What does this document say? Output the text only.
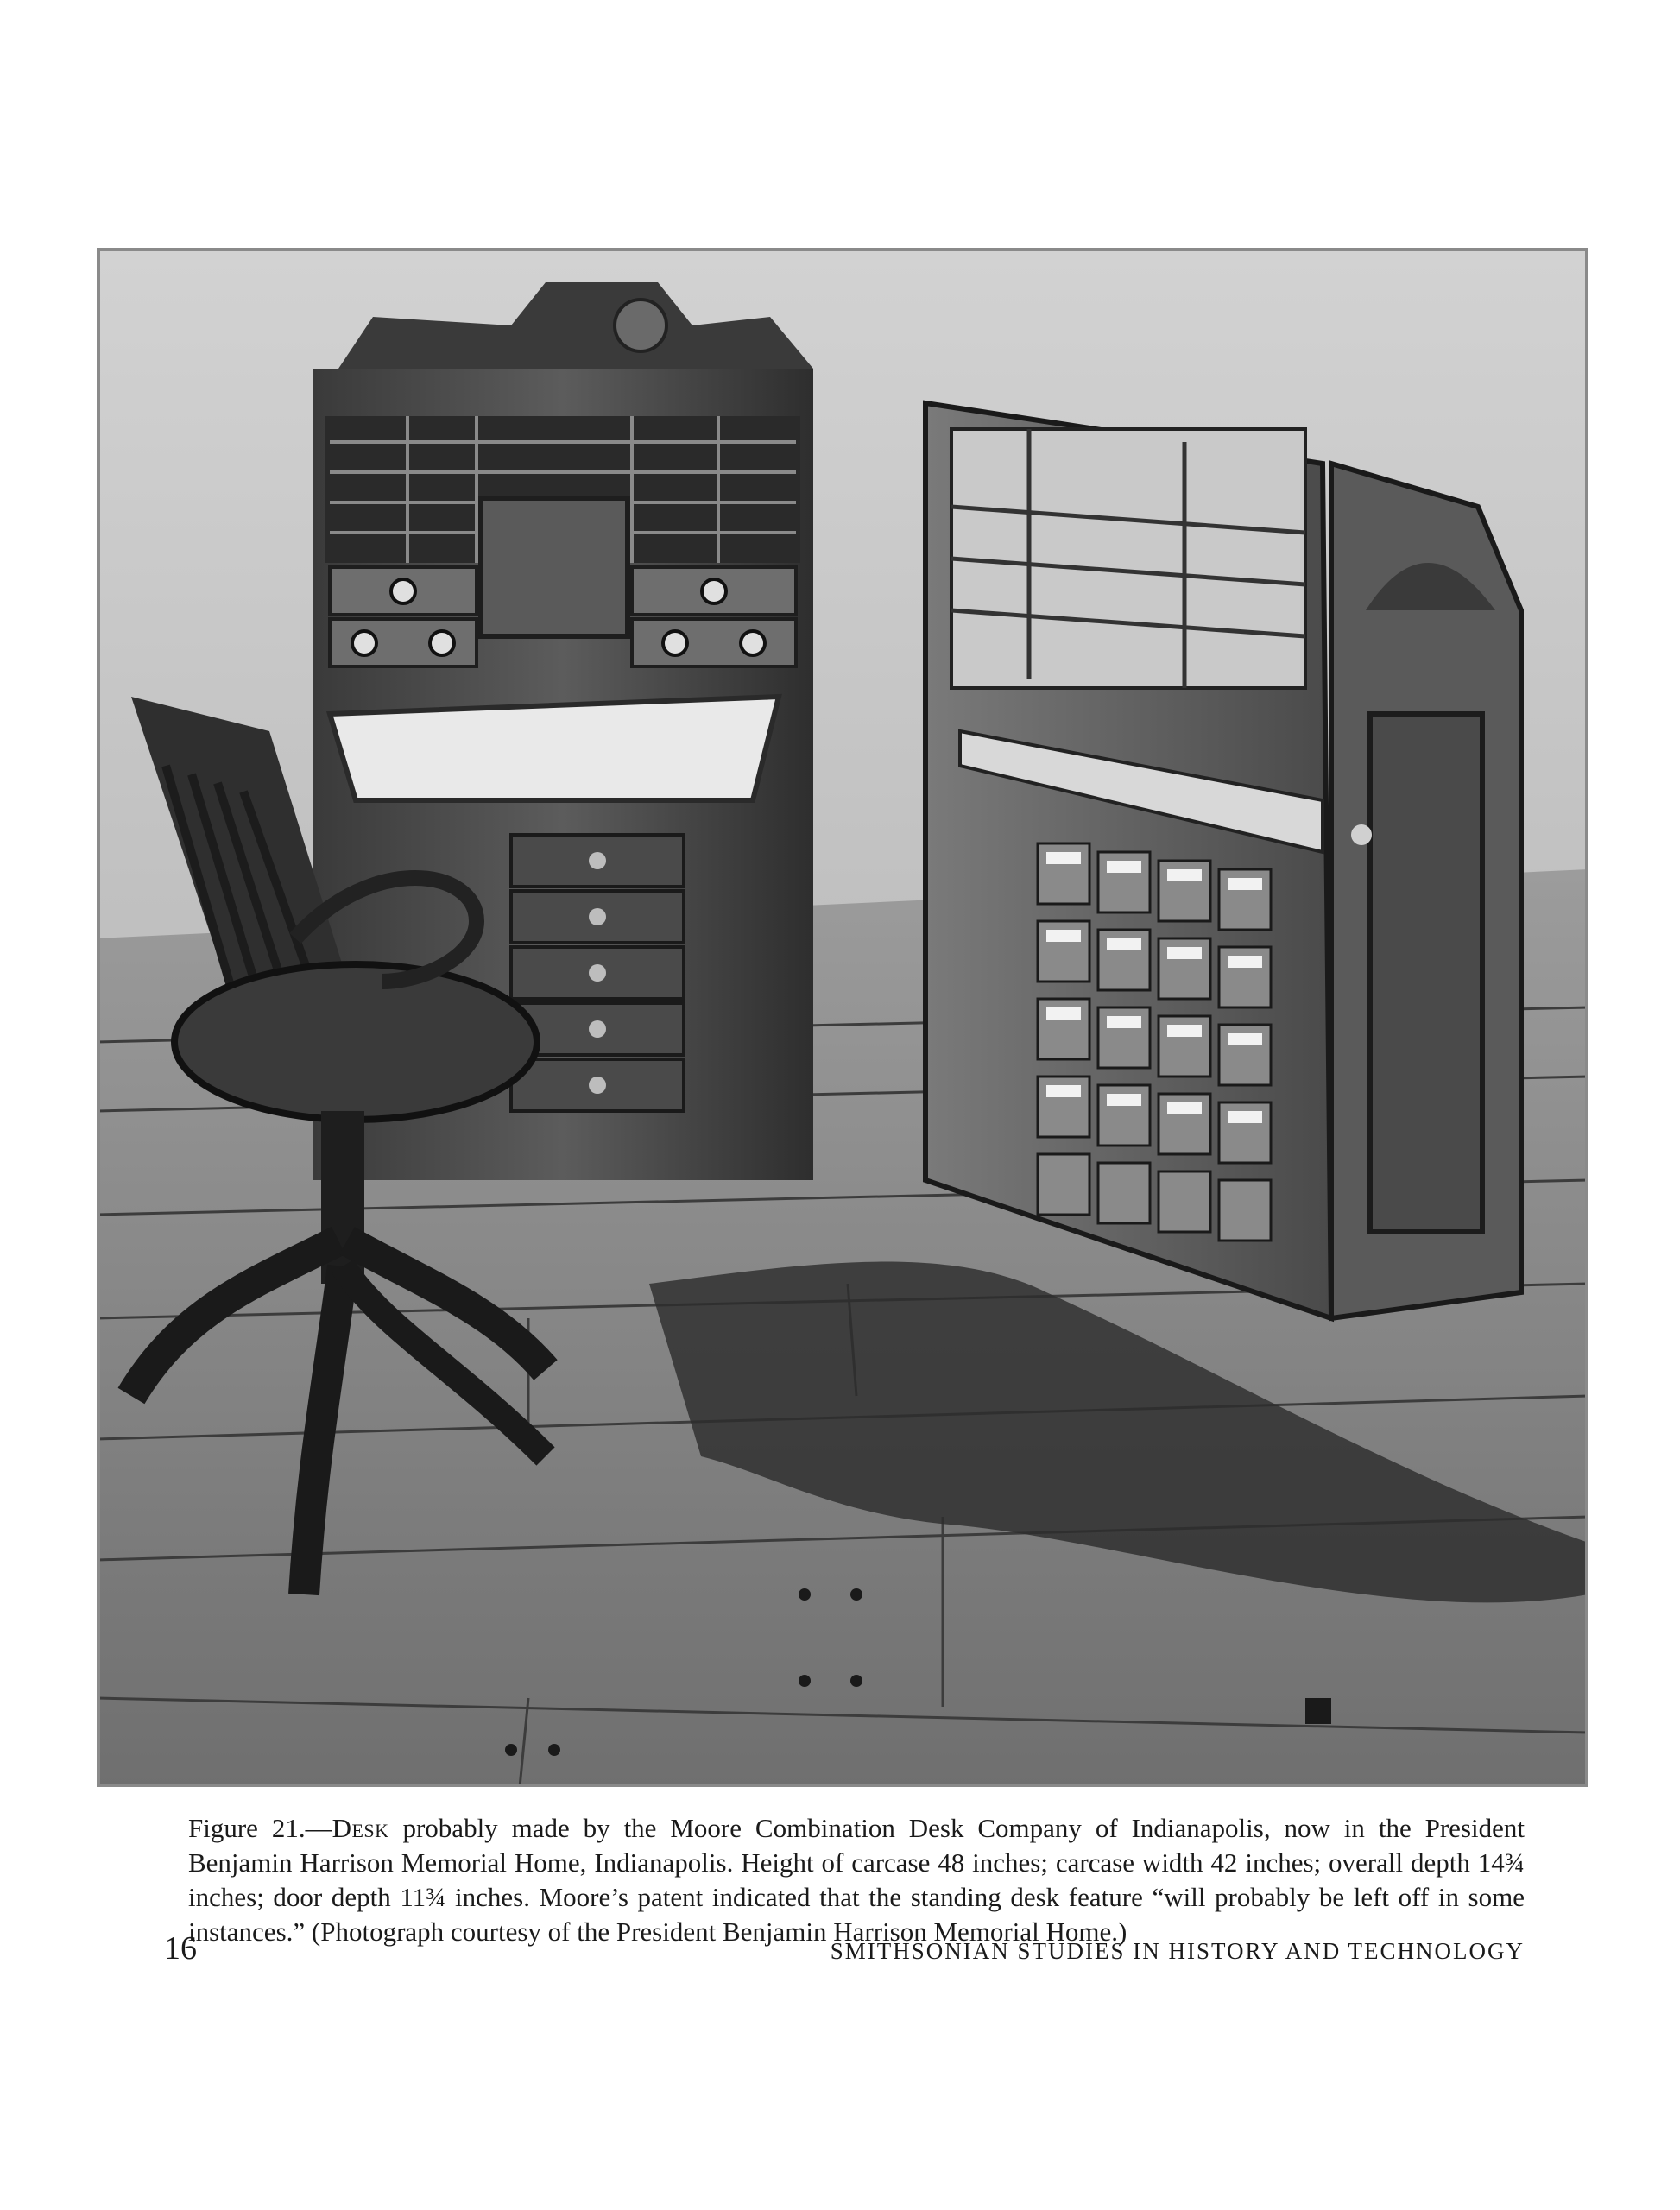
Figure 21.—Desk probably made by the Moore Combination Desk Company of Indianapolis, now in the President Benjamin Harrison Memorial Home, Indianapolis. Height of carcase 48 inches; carcase width 42 inches; overall depth 14¾ inches; door depth 11¾ inches. Moore’s patent indicated that the standing desk feature “will probably be left off in some instances.” (Photograph courtesy of the President Benjamin Harrison Memorial Home.)
16	SMITHSONIAN STUDIES IN HISTORY AND TECHNOLOGY
